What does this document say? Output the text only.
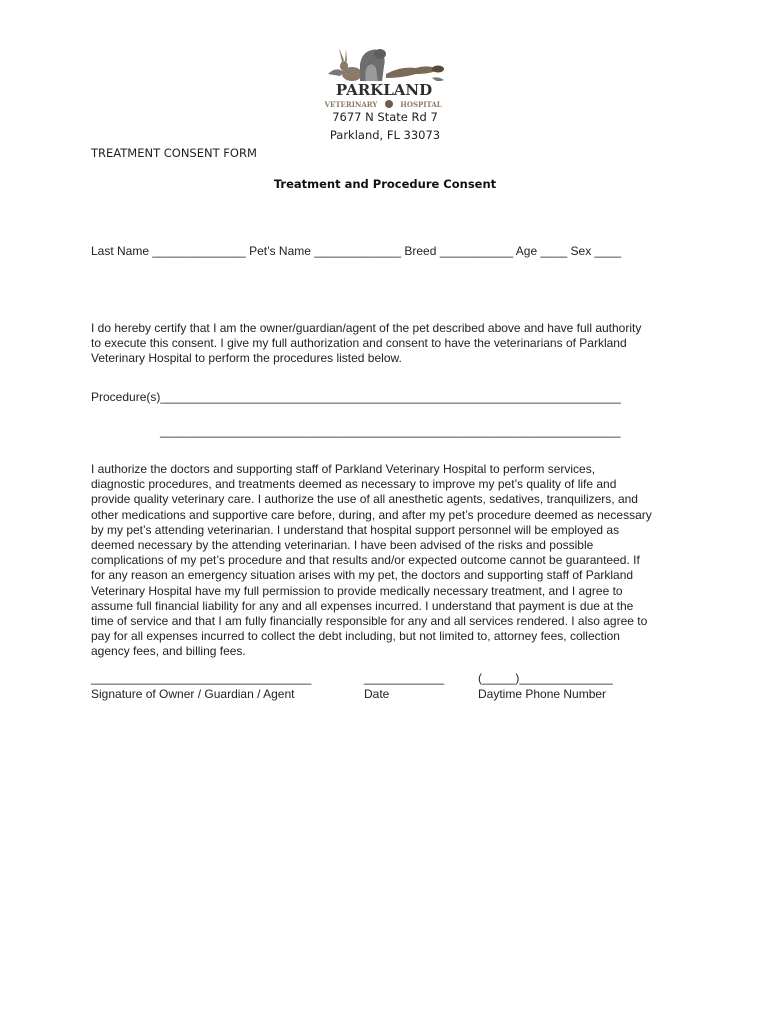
PARKLAND
VETERINARY	HOSPITAL
7677 N State Rd 7
Parkland, FL 33073
TREATMENT CONSENT FORM
Treatment and Procedure Consent
Last Name ______________ Pet’s Name _____________ Breed ___________ Age ____ Sex ____

I do hereby certify that I am the owner/guardian/agent of the pet described above and have full authority

to execute this consent. I give my full authorization and consent to have the veterinarians of Parkland

Veterinary Hospital to perform the procedures listed below.

Procedure(s)_____________________________________________________________________
_____________________________________________________________________

I authorize the doctors and supporting staff of Parkland Veterinary Hospital to perform services,

diagnostic procedures, and treatments deemed as necessary to improve my pet’s quality of life and

provide quality veterinary care. I authorize the use of all anesthetic agents, sedatives, tranquilizers, and

other medications and supportive care before, during, and after my pet’s procedure deemed as necessary

by my pet’s attending veterinarian. I understand that hospital support personnel will be employed as

deemed necessary by the attending veterinarian. I have been advised of the risks and possible

complications of my pet’s procedure and that results and/or expected outcome cannot be guaranteed. If

for any reason an emergency situation arises with my pet, the doctors and supporting staff of Parkland

Veterinary Hospital have my full permission to provide medically necessary treatment, and I agree to

assume full financial liability for any and all expenses incurred. I understand that payment is due at the

time of service and that I am fully financially responsible for any and all services rendered. I also agree to

pay for all expenses incurred to collect the debt including, but not limited to, attorney fees, collection

agency fees, and billing fees.

_________________________________
Signature of Owner / Guardian / Agent
____________
Date
(_____)______________
Daytime Phone Number
